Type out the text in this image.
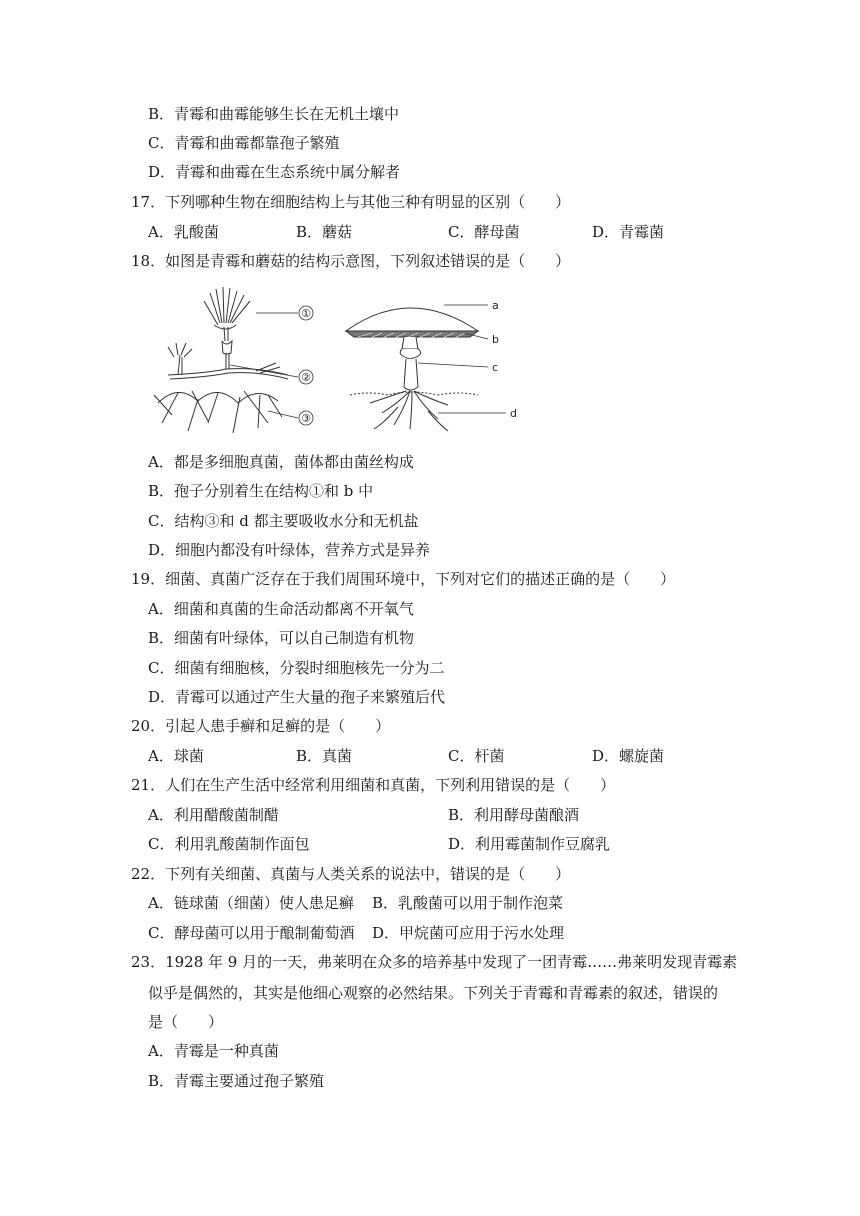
B．青霉和曲霉能够生长在无机土壤中
C．青霉和曲霉都靠孢子繁殖
D．青霉和曲霉在生态系统中属分解者
17．下列哪种生物在细胞结构上与其他三种有明显的区别（　　）
A．乳酸菌	B．蘑菇	C．酵母菌	D．青霉菌
18．如图是青霉和蘑菇的结构示意图，下列叙述错误的是（　　）
①
②
③
a
b
c
d
A．都是多细胞真菌，菌体都由菌丝构成
B．孢子分别着生在结构①和 b 中
C．结构③和 d 都主要吸收水分和无机盐
D．细胞内都没有叶绿体，营养方式是异养
19．细菌、真菌广泛存在于我们周围环境中，下列对它们的描述正确的是（　　）
A．细菌和真菌的生命活动都离不开氧气
B．细菌有叶绿体，可以自己制造有机物
C．细菌有细胞核，分裂时细胞核先一分为二
D．青霉可以通过产生大量的孢子来繁殖后代
20．引起人患手癣和足癣的是（　　）
A．球菌	B．真菌	C．杆菌	D．螺旋菌
21．人们在生产生活中经常利用细菌和真菌，下列利用错误的是（　　）
A．利用醋酸菌制醋	B．利用酵母菌酿酒
C．利用乳酸菌制作面包	D．利用霉菌制作豆腐乳
22．下列有关细菌、真菌与人类关系的说法中，错误的是（　　）
A．链球菌（细菌）使人患足癣 B．乳酸菌可以用于制作泡菜
C．酵母菌可以用于酿制葡萄酒 D．甲烷菌可应用于污水处理
23．1928 年 9 月的一天，弗莱明在众多的培养基中发现了一团青霉……弗莱明发现青霉素
似乎是偶然的，其实是他细心观察的必然结果。下列关于青霉和青霉素的叙述，错误的
是（　　）
A．青霉是一种真菌
B．青霉主要通过孢子繁殖
